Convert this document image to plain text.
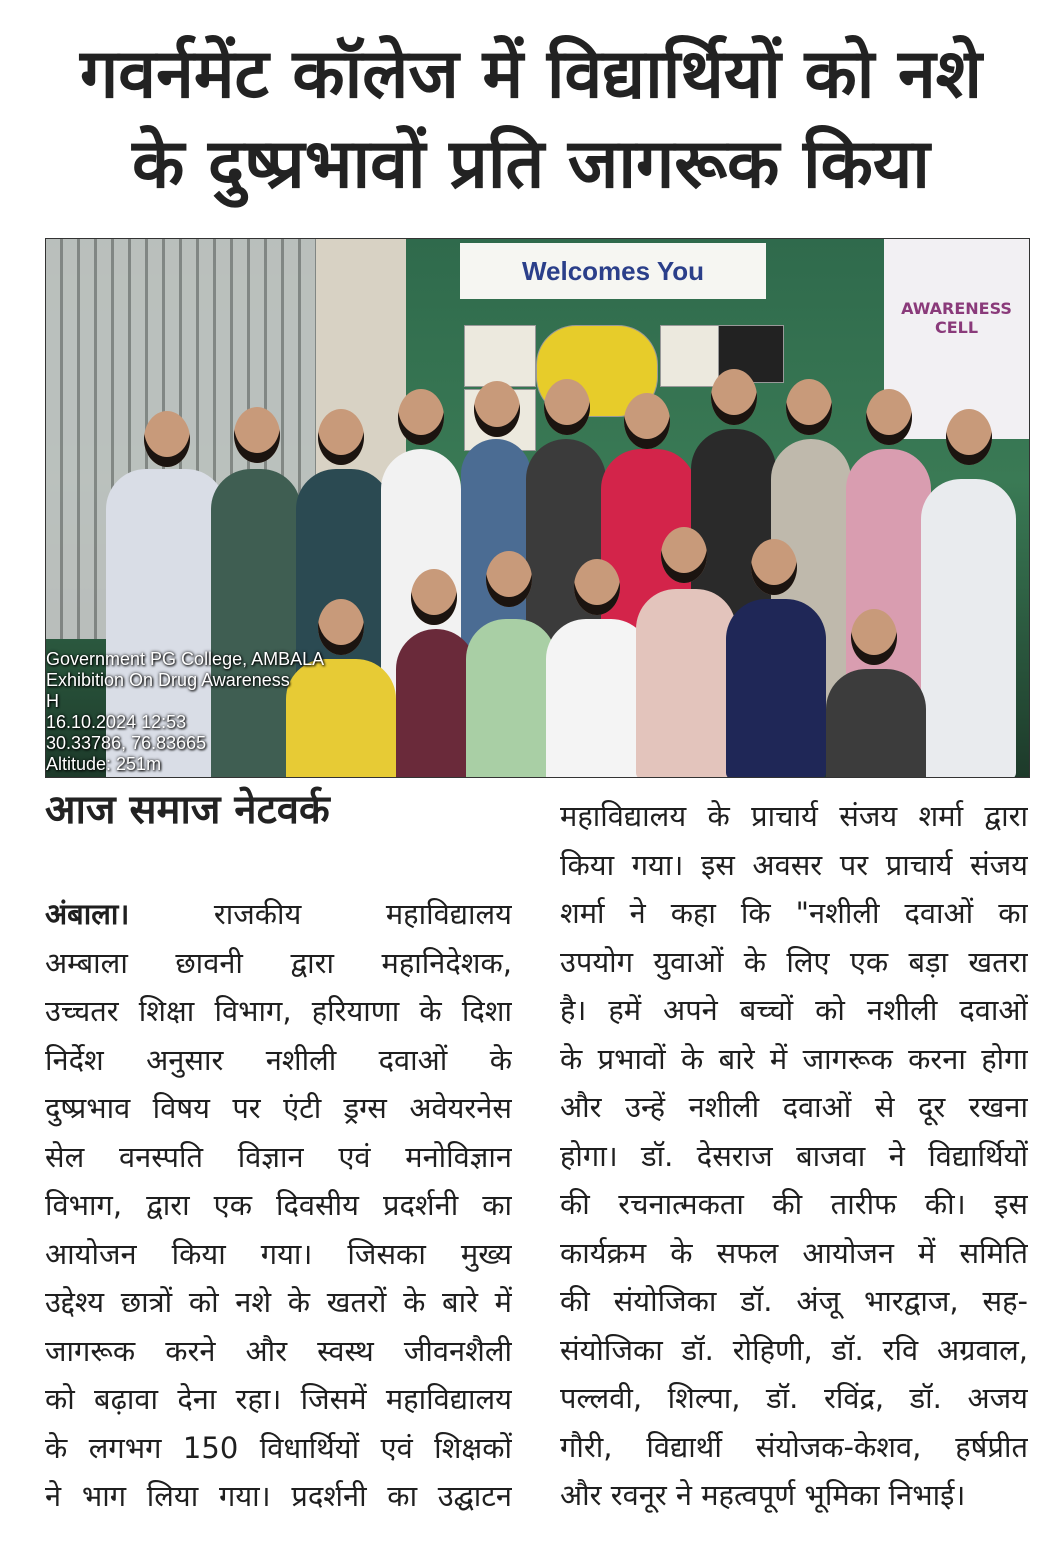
गवर्नमेंट कॉलेज में विद्यार्थियों को नशे
के दुष्प्रभावों प्रति जागरूक किया
Welcomes You
AWARENESS CELL
Government PG College, AMBALA
Exhibition On Drug Awareness
H
16.10.2024 12:53
30.33786, 76.83665
Altitude: 251m
आज समाज नेटवर्क
अंबाला।	राजकीय महाविद्यालय
अम्बाला छावनी द्वारा महानिदेशक,
उच्चतर शिक्षा विभाग, हरियाणा के दिशा
निर्देश अनुसार नशीली दवाओं के
दुष्प्रभाव विषय पर एंटी ड्रग्स अवेयरनेस
सेल वनस्पति विज्ञान एवं मनोविज्ञान
विभाग, द्वारा एक दिवसीय प्रदर्शनी का
आयोजन किया गया। जिसका मुख्य
उद्देश्य छात्रों को नशे के खतरों के बारे में
जागरूक करने और स्वस्थ जीवनशैली
को बढ़ावा देना रहा। जिसमें महाविद्यालय
के लगभग 150 विधार्थियों एवं शिक्षकों
ने भाग लिया गया। प्रदर्शनी का उद्घाटन
महाविद्यालय के प्राचार्य संजय शर्मा द्वारा
किया गया। इस अवसर पर प्राचार्य संजय
शर्मा ने कहा कि "नशीली दवाओं का
उपयोग युवाओं के लिए एक बड़ा खतरा
है। हमें अपने बच्चों को नशीली दवाओं
के प्रभावों के बारे में जागरूक करना होगा
और उन्हें नशीली दवाओं से दूर रखना
होगा। डॉ. देसराज बाजवा ने विद्यार्थियों
की रचनात्मकता की तारीफ की। इस
कार्यक्रम के सफल आयोजन में समिति
की संयोजिका डॉ. अंजू भारद्वाज, सह-
संयोजिका डॉ. रोहिणी, डॉ. रवि अग्रवाल,
पल्लवी, शिल्पा, डॉ. रविंद्र, डॉ. अजय
गौरी, विद्यार्थी संयोजक-केशव, हर्षप्रीत
और रवनूर ने महत्वपूर्ण भूमिका निभाई।
